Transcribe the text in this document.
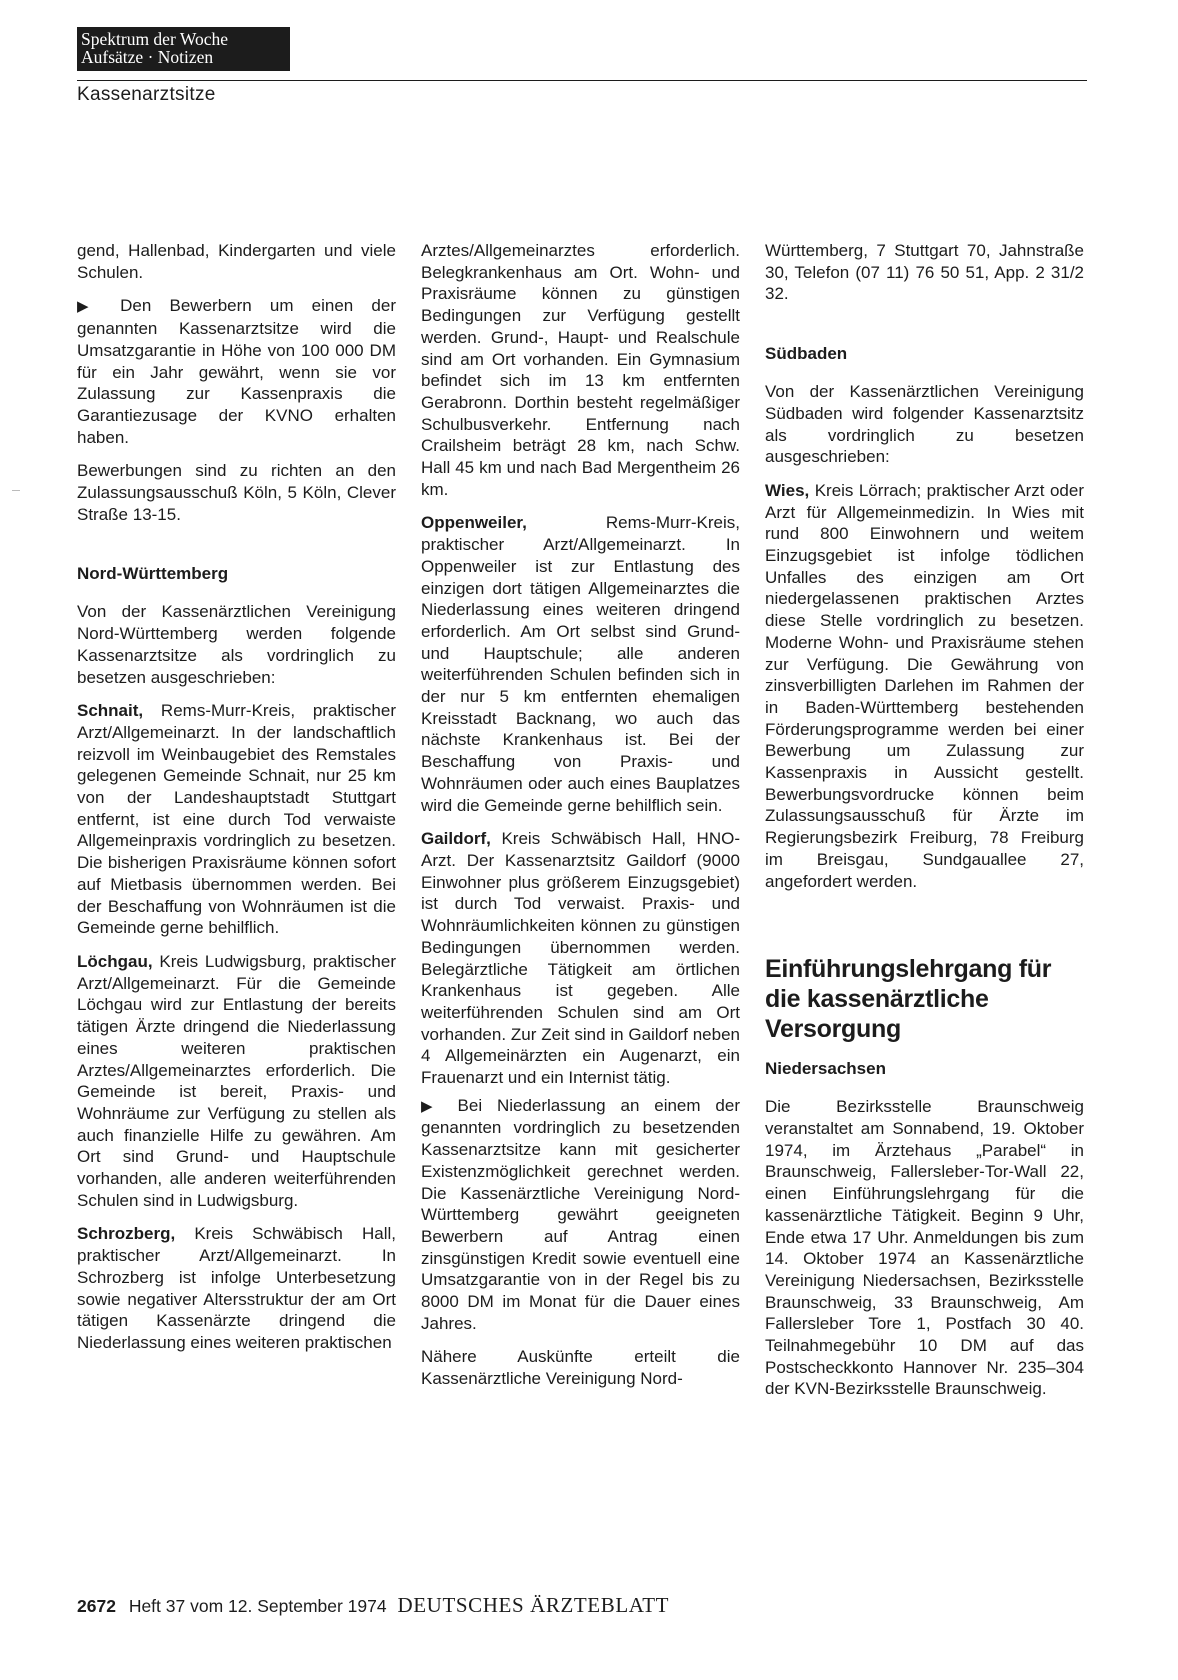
Spektrum der Woche
Aufsätze · Notizen
Kassenarztsitze

gend, Hallenbad, Kindergarten und viele Schulen.

▶ Den Bewerbern um einen der genannten Kassenarztsitze wird die Umsatzgarantie in Höhe von 100 000 DM für ein Jahr gewährt, wenn sie vor Zulassung zur Kassenpraxis die Garantiezusage der KVNO erhalten haben.

Bewerbungen sind zu richten an den Zulassungsausschuß Köln, 5 Köln, Clever Straße 13-15.

Nord-Württemberg

Von der Kassenärztlichen Vereinigung Nord-Württemberg werden folgende Kassenarztsitze als vordringlich zu besetzen ausgeschrieben:

Schnait, Rems-Murr-Kreis, praktischer Arzt/Allgemeinarzt. In der landschaftlich reizvoll im Weinbaugebiet des Remstales gelegenen Gemeinde Schnait, nur 25 km von der Landeshauptstadt Stuttgart entfernt, ist eine durch Tod verwaiste Allgemeinpraxis vordringlich zu besetzen. Die bisherigen Praxisräume können sofort auf Mietbasis übernommen werden. Bei der Beschaffung von Wohnräumen ist die Gemeinde gerne behilflich.

Löchgau, Kreis Ludwigsburg, praktischer Arzt/Allgemeinarzt. Für die Gemeinde Löchgau wird zur Entlastung der bereits tätigen Ärzte dringend die Niederlassung eines weiteren praktischen Arztes/Allgemeinarztes erforderlich. Die Gemeinde ist bereit, Praxis- und Wohnräume zur Verfügung zu stellen als auch finanzielle Hilfe zu gewähren. Am Ort sind Grund- und Hauptschule vorhanden, alle anderen weiterführenden Schulen sind in Ludwigsburg.

Schrozberg, Kreis Schwäbisch Hall, praktischer Arzt/Allgemeinarzt. In Schrozberg ist infolge Unterbesetzung sowie negativer Altersstruktur der am Ort tätigen Kassenärzte dringend die Niederlassung eines weiteren praktischen

Arztes/Allgemeinarztes erforderlich. Belegkrankenhaus am Ort. Wohn- und Praxisräume können zu günstigen Bedingungen zur Verfügung gestellt werden. Grund-, Haupt- und Realschule sind am Ort vorhanden. Ein Gymnasium befindet sich im 13 km entfernten Gerabronn. Dorthin besteht regelmäßiger Schulbusverkehr. Entfernung nach Crailsheim beträgt 28 km, nach Schw. Hall 45 km und nach Bad Mergentheim 26 km.

Oppenweiler, Rems-Murr-Kreis, praktischer Arzt/Allgemeinarzt. In Oppenweiler ist zur Entlastung des einzigen dort tätigen Allgemeinarztes die Niederlassung eines weiteren dringend erforderlich. Am Ort selbst sind Grund- und Hauptschule; alle anderen weiterführenden Schulen befinden sich in der nur 5 km entfernten ehemaligen Kreisstadt Backnang, wo auch das nächste Krankenhaus ist. Bei der Beschaffung von Praxis- und Wohnräumen oder auch eines Bauplatzes wird die Gemeinde gerne behilflich sein.

Gaildorf, Kreis Schwäbisch Hall, HNO-Arzt. Der Kassenarztsitz Gaildorf (9000 Einwohner plus größerem Einzugsgebiet) ist durch Tod verwaist. Praxis- und Wohnräumlichkeiten können zu günstigen Bedingungen übernommen werden. Belegärztliche Tätigkeit am örtlichen Krankenhaus ist gegeben. Alle weiterführenden Schulen sind am Ort vorhanden. Zur Zeit sind in Gaildorf neben 4 Allgemeinärzten ein Augenarzt, ein Frauenarzt und ein Internist tätig.

▶ Bei Niederlassung an einem der genannten vordringlich zu besetzenden Kassenarztsitze kann mit gesicherter Existenzmöglichkeit gerechnet werden. Die Kassenärztliche Vereinigung Nord-Württemberg gewährt geeigneten Bewerbern auf Antrag einen zinsgünstigen Kredit sowie eventuell eine Umsatzgarantie von in der Regel bis zu 8000 DM im Monat für die Dauer eines Jahres.

Nähere Auskünfte erteilt die Kassenärztliche Vereinigung Nord-

Württemberg, 7 Stuttgart 70, Jahnstraße 30, Telefon (07 11) 76 50 51, App. 2 31/2 32.

Südbaden

Von der Kassenärztlichen Vereinigung Südbaden wird folgender Kassenarztsitz als vordringlich zu besetzen ausgeschrieben:

Wies, Kreis Lörrach; praktischer Arzt oder Arzt für Allgemeinmedizin. In Wies mit rund 800 Einwohnern und weitem Einzugsgebiet ist infolge tödlichen Unfalles des einzigen am Ort niedergelassenen praktischen Arztes diese Stelle vordringlich zu besetzen. Moderne Wohn- und Praxisräume stehen zur Verfügung. Die Gewährung von zinsverbilligten Darlehen im Rahmen der in Baden-Württemberg bestehenden Förderungsprogramme werden bei einer Bewerbung um Zulassung zur Kassenpraxis in Aussicht gestellt. Bewerbungsvordrucke können beim Zulassungsausschuß für Ärzte im Regierungsbezirk Freiburg, 78 Freiburg im Breisgau, Sundgauallee 27, angefordert werden.

Einführungslehrgang für die kassenärztliche Versorgung
Niedersachsen

Die Bezirksstelle Braunschweig veranstaltet am Sonnabend, 19. Oktober 1974, im Ärztehaus „Parabel“ in Braunschweig, Fallersleber-Tor-Wall 22, einen Einführungslehrgang für die kassenärztliche Tätigkeit. Beginn 9 Uhr, Ende etwa 17 Uhr. Anmeldungen bis zum 14. Oktober 1974 an Kassenärztliche Vereinigung Niedersachsen, Bezirksstelle Braunschweig, 33 Braunschweig, Am Fallersleber Tore 1, Postfach 30 40. Teilnahmegebühr 10 DM auf das Postscheckkonto Hannover Nr. 235–304 der KVN-Bezirksstelle Braunschweig.

2672 Heft 37 vom 12. September 1974 DEUTSCHES ÄRZTEBLATT
